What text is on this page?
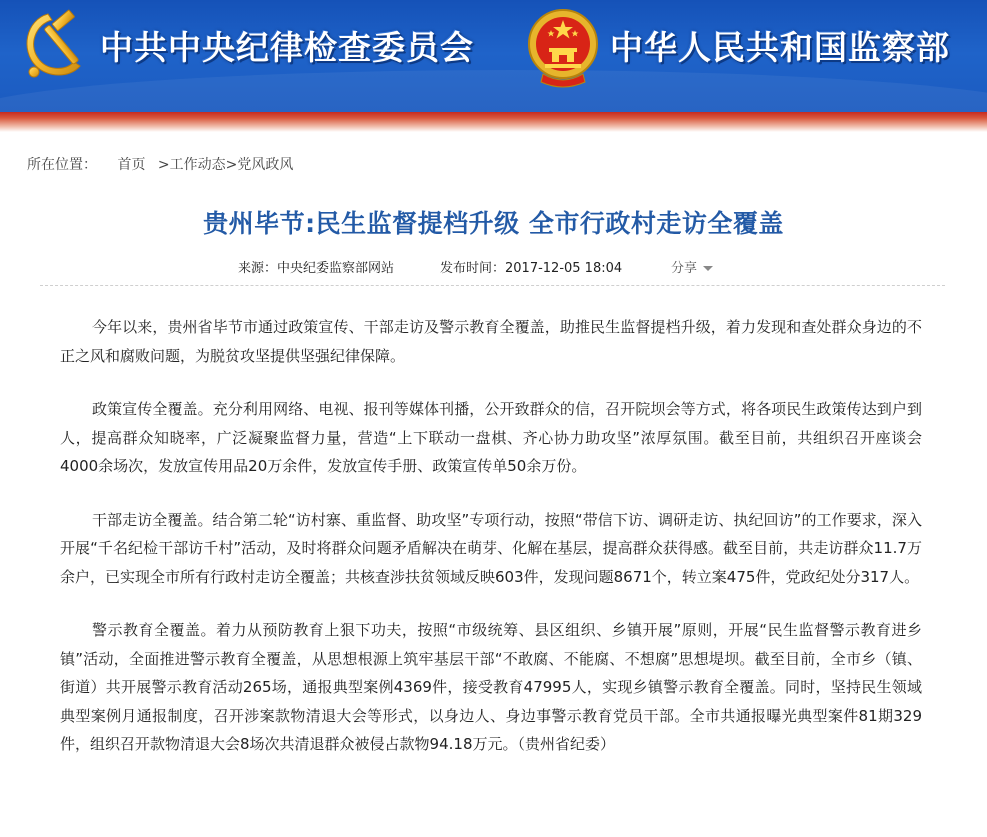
中共中央纪律检查委员会	中华人民共和国监察部
所在位置： 首页 >工作动态>党风政风
贵州毕节:民生监督提档升级 全市行政村走访全覆盖
来源：中央纪委监察部网站	发布时间：2017-12-05 18:04	分享

今年以来，贵州省毕节市通过政策宣传、干部走访及警示教育全覆盖，助推民生监督提档升级，着力发现和查处群众身边的不正之风和腐败问题，为脱贫攻坚提供坚强纪律保障。

政策宣传全覆盖。充分利用网络、电视、报刊等媒体刊播，公开致群众的信，召开院坝会等方式，将各项民生政策传达到户到人，提高群众知晓率，广泛凝聚监督力量，营造“上下联动一盘棋、齐心协力助攻坚”浓厚氛围。截至目前，共组织召开座谈会4000余场次，发放宣传用品20万余件，发放宣传手册、政策宣传单50余万份。

干部走访全覆盖。结合第二轮“访村寨、重监督、助攻坚”专项行动，按照“带信下访、调研走访、执纪回访”的工作要求，深入开展“千名纪检干部访千村”活动，及时将群众问题矛盾解决在萌芽、化解在基层，提高群众获得感。截至目前，共走访群众11.7万余户，已实现全市所有行政村走访全覆盖；共核查涉扶贫领域反映603件，发现问题8671个，转立案475件，党政纪处分317人。

警示教育全覆盖。着力从预防教育上狠下功夫，按照“市级统筹、县区组织、乡镇开展”原则，开展“民生监督警示教育进乡镇”活动，全面推进警示教育全覆盖，从思想根源上筑牢基层干部“不敢腐、不能腐、不想腐”思想堤坝。截至目前，全市乡（镇、街道）共开展警示教育活动265场，通报典型案例4369件，接受教育47995人，实现乡镇警示教育全覆盖。同时，坚持民生领域典型案例月通报制度，召开涉案款物清退大会等形式，以身边人、身边事警示教育党员干部。全市共通报曝光典型案件81期329件，组织召开款物清退大会8场次共清退群众被侵占款物94.18万元。（贵州省纪委）
